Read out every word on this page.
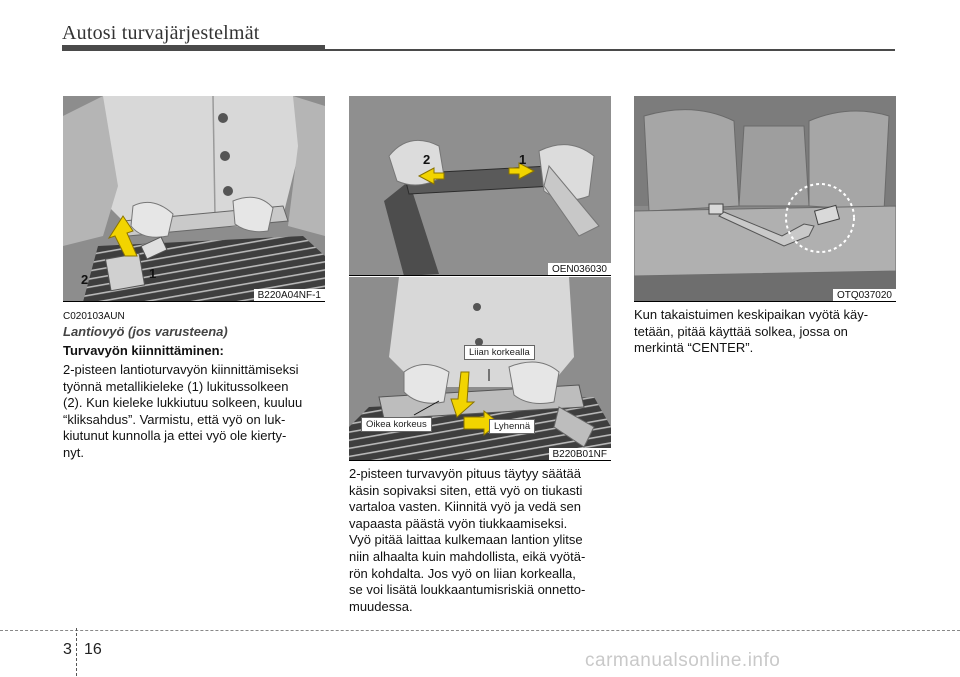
Autosi turvajärjestelmät
2	1
B220A04NF-1
2	1
OEN036030
Liian korkealla
Oikea korkeus	Lyhennä
B220B01NF
OTQ037020
C020103AUN
Lantiovyö (jos varusteena)
Turvavyön kiinnittäminen:
2-pisteen lantioturvavyön kiinnittämiseksi
työnnä metallikieleke (1) lukitussolkeen
(2). Kun kieleke lukkiutuu solkeen, kuuluu
“kliksahdus”. Varmistu, että vyö on luk-
kiutunut kunnolla ja ettei vyö ole kierty-
nyt.
2-pisteen turvavyön pituus täytyy säätää
käsin sopivaksi siten, että vyö on tiukasti
vartaloa vasten. Kiinnitä vyö ja vedä sen
vapaasta päästä vyön tiukkaamiseksi.
Vyö pitää laittaa kulkemaan lantion ylitse
niin alhaalta kuin mahdollista, eikä vyötä-
rön kohdalta. Jos vyö on liian korkealla,
se voi lisätä loukkaantumisriskiä onnetto-
muudessa.
Kun takaistuimen keskipaikan vyötä käy-
tetään, pitää käyttää solkea, jossa on
merkintä “CENTER”.
3 16
carmanualsonline.info
